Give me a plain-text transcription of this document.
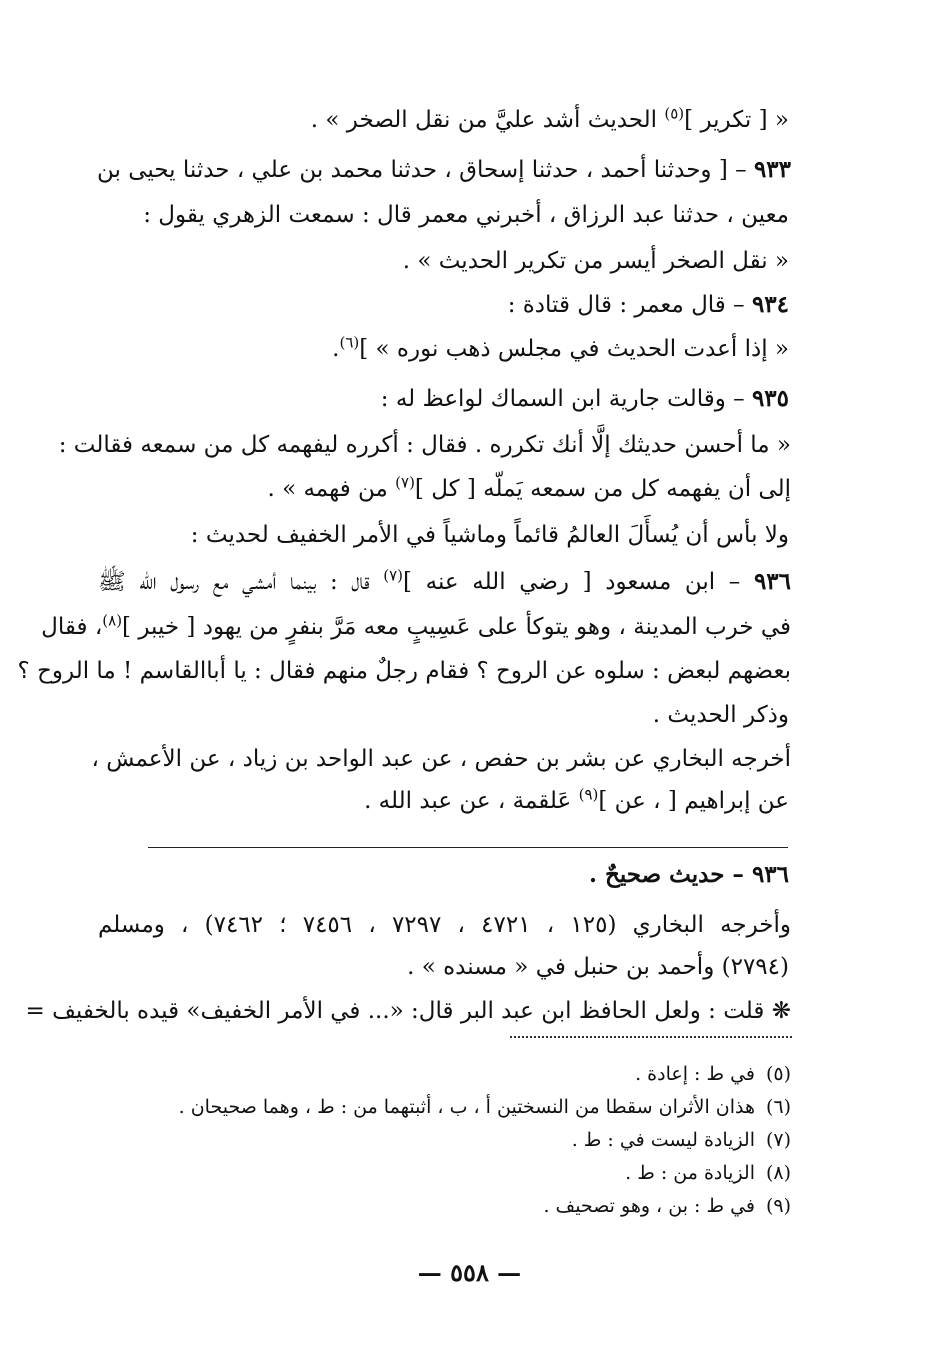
« [ تكرير ]$^{(٥)}$ الحديث أشد عليَّ من نقل الصخر » .
٩٣٣ – [ وحدثنا أحمد ، حدثنا إسحاق ، حدثنا محمد بن علي ، حدثنا يحيى بن
معين ، حدثنا عبد الرزاق ، أخبرني معمر قال : سمعت الزهري يقول :
« نقل الصخر أيسر من تكرير الحديث » .
٩٣٤ – قال معمر : قال قتادة :
« إذا أعدت الحديث في مجلس ذهب نوره » ]$^{(٦)}$.
٩٣٥ – وقالت جارية ابن السماك لواعظ له :
« ما أحسن حديثك إلَّا أنك تكرره . فقال : أكرره ليفهمه كل من سمعه فقالت :
إلى أن يفهمه كل من سمعه يَملّه [ كل ]$^{(٧)}$ من فهمه » .
ولا بأس أن يُسأَلَ العالمُ قائماً وماشياً في الأمر الخفيف لحديث :
٩٣٦ – ابن مسعود [ رضي الله عنه ]$^{(٧)}$ قال : بينما أمشي مع رسول الله ﷺ
في خرب المدينة ، وهو يتوكأ على عَسِيبٍ معه مَرَّ بنفرٍ من يهود [ خيبر ]$^{(٨)}$، فقال
بعضهم لبعض : سلوه عن الروح ؟ فقام رجلٌ منهم فقال : يا أباالقاسم ! ما الروح ؟
وذكر الحديث .
أخرجه البخاري عن بشر بن حفص ، عن عبد الواحد بن زياد ، عن الأعمش ،
عن إبراهيم [ ، عن ]$^{(٩)}$ عَلقمة ، عن عبد الله .
٩٣٦ – حديث صحيحٌ .
وأخرجه البخاري (١٢٥ ، ٤٧٢١ ، ٧٢٩٧ ، ٧٤٥٦ ؛ ٧٤٦٢) ، ومسلم
(٢٧٩٤) وأحمد بن حنبل في « مسنده » .
❋ قلت : ولعل الحافظ ابن عبد البر قال: «... في الأمر الخفيف» قيده بالخفيف =
(٥)في ط : إعادة .
(٦)هذان الأثران سقطا من النسختين أ ، ب ، أثبتهما من : ط ، وهما صحيحان .
(٧)الزيادة ليست في : ط .
(٨)الزيادة من : ط .
(٩)في ط : بن ، وهو تصحيف .
— ٥٥٨ —
